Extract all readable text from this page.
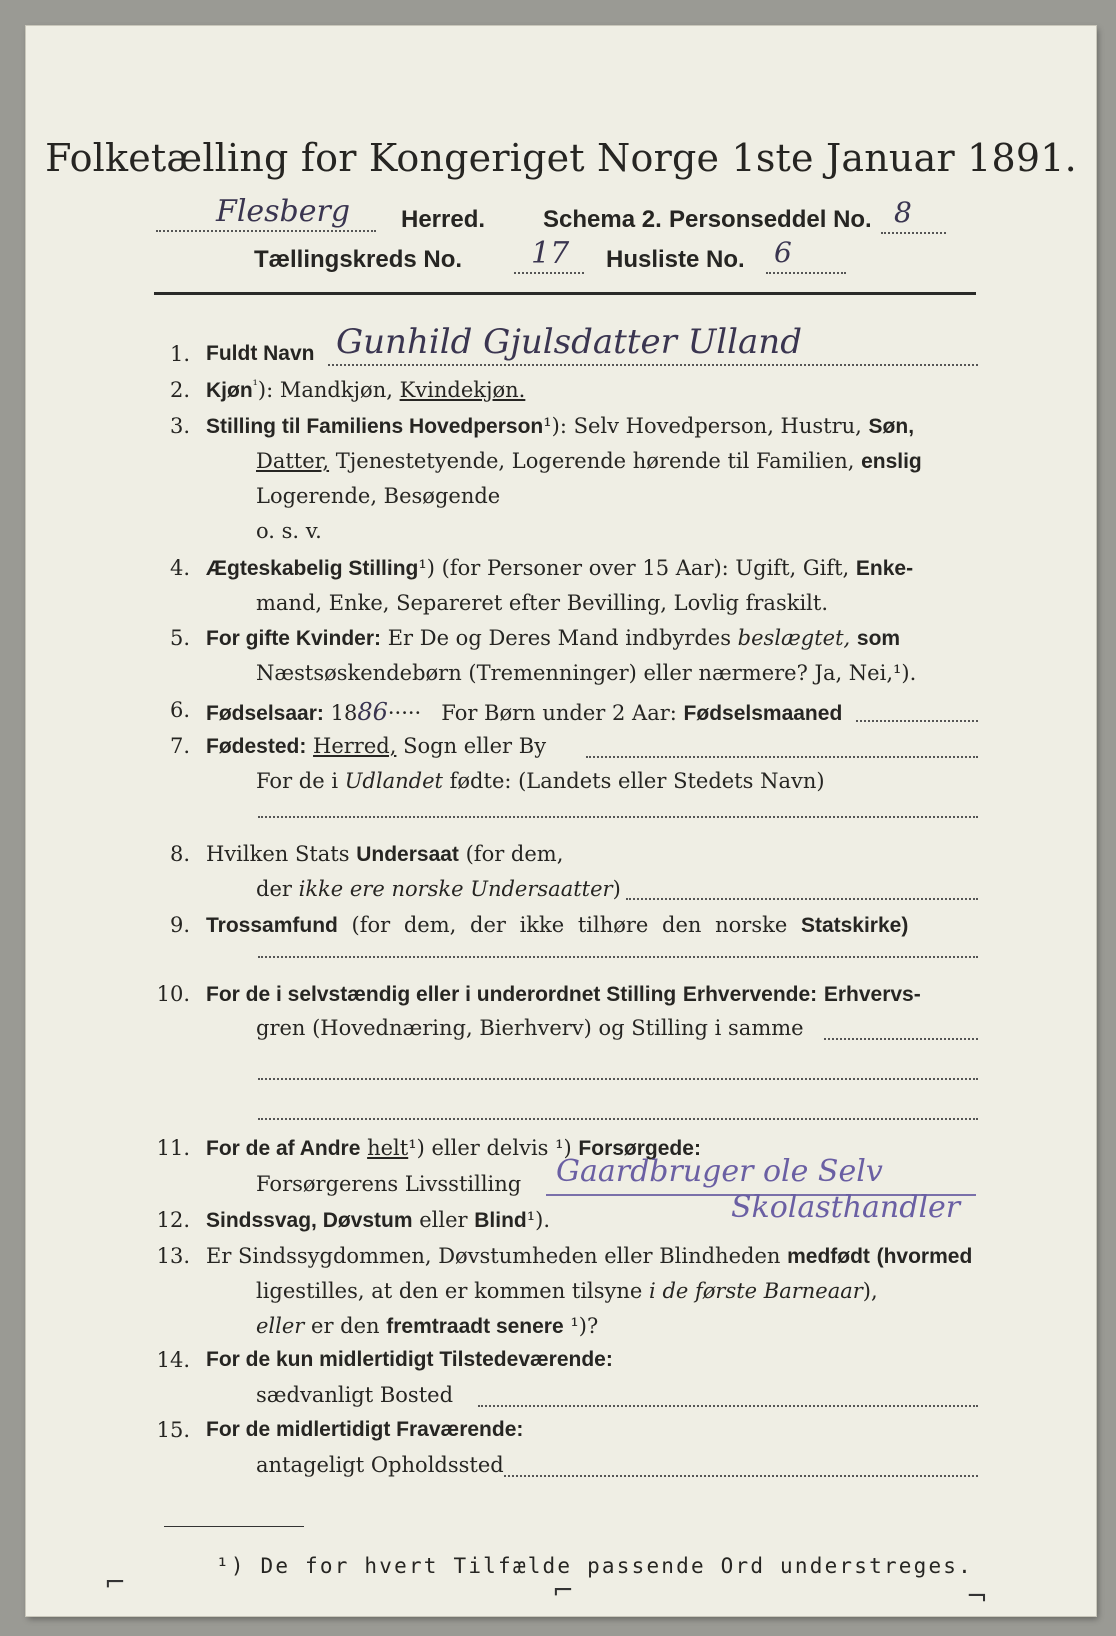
Folketælling for Kongeriget Norge 1ste Januar 1891.
Flesberg Herred. Schema 2. Personseddel No. 8
Tællingskreds No. 17 Husliste No. 6
1. Fuldt Navn Gunhild Gjulsdatter Ulland
2. Kjøn$^{^1}$): Mandkjøn, Kvindekjøn.
3. Stilling til Familiens Hovedperson¹): Selv Hovedperson, Hustru, Søn,
Datter, Tjenestetyende, Logerende hørende til Familien, enslig
Logerende, Besøgende
o. s. v.
4. Ægteskabelig Stilling¹) (for Personer over 15 Aar): Ugift, Gift, Enke-
mand, Enke, Separeret efter Bevilling, Lovlig fraskilt.
5. For gifte Kvinder: Er De og Deres Mand indbyrdes beslægtet, som
Næstsøskendebørn (Tremenninger) eller nærmere? Ja, Nei,¹).
6. Fødselsaar: 1886····· For Børn under 2 Aar: Fødselsmaaned
7. Fødested: Herred, Sogn eller By
For de i Udlandet fødte: (Landets eller Stedets Navn)
8. Hvilken Stats Undersaat (for dem,
der ikke ere norske Undersaatter)
9. Trossamfund (for dem, der ikke tilhøre den norske Statskirke)
10. For de i selvstændig eller i underordnet Stilling Erhvervende: Erhvervs-
gren (Hovednæring, Bierhverv) og Stilling i samme
11. For de af Andre helt¹) eller delvis ¹) Forsørgede:
Forsørgerens Livsstilling Gaardbruger ole Selv
12. Sindssvag, Døvstum eller Blind¹).	Skolasthandler
13. Er Sindssygdommen, Døvstumheden eller Blindheden medfødt (hvormed
ligestilles, at den er kommen tilsyne i de første Barneaar),
eller er den fremtraadt senere ¹)?
14. For de kun midlertidigt Tilstedeværende:
sædvanligt Bosted
15. For de midlertidigt Fraværende:
antageligt Opholdssted
¹) De for hvert Tilfælde passende Ord understreges.
⌐	⌐	¬
